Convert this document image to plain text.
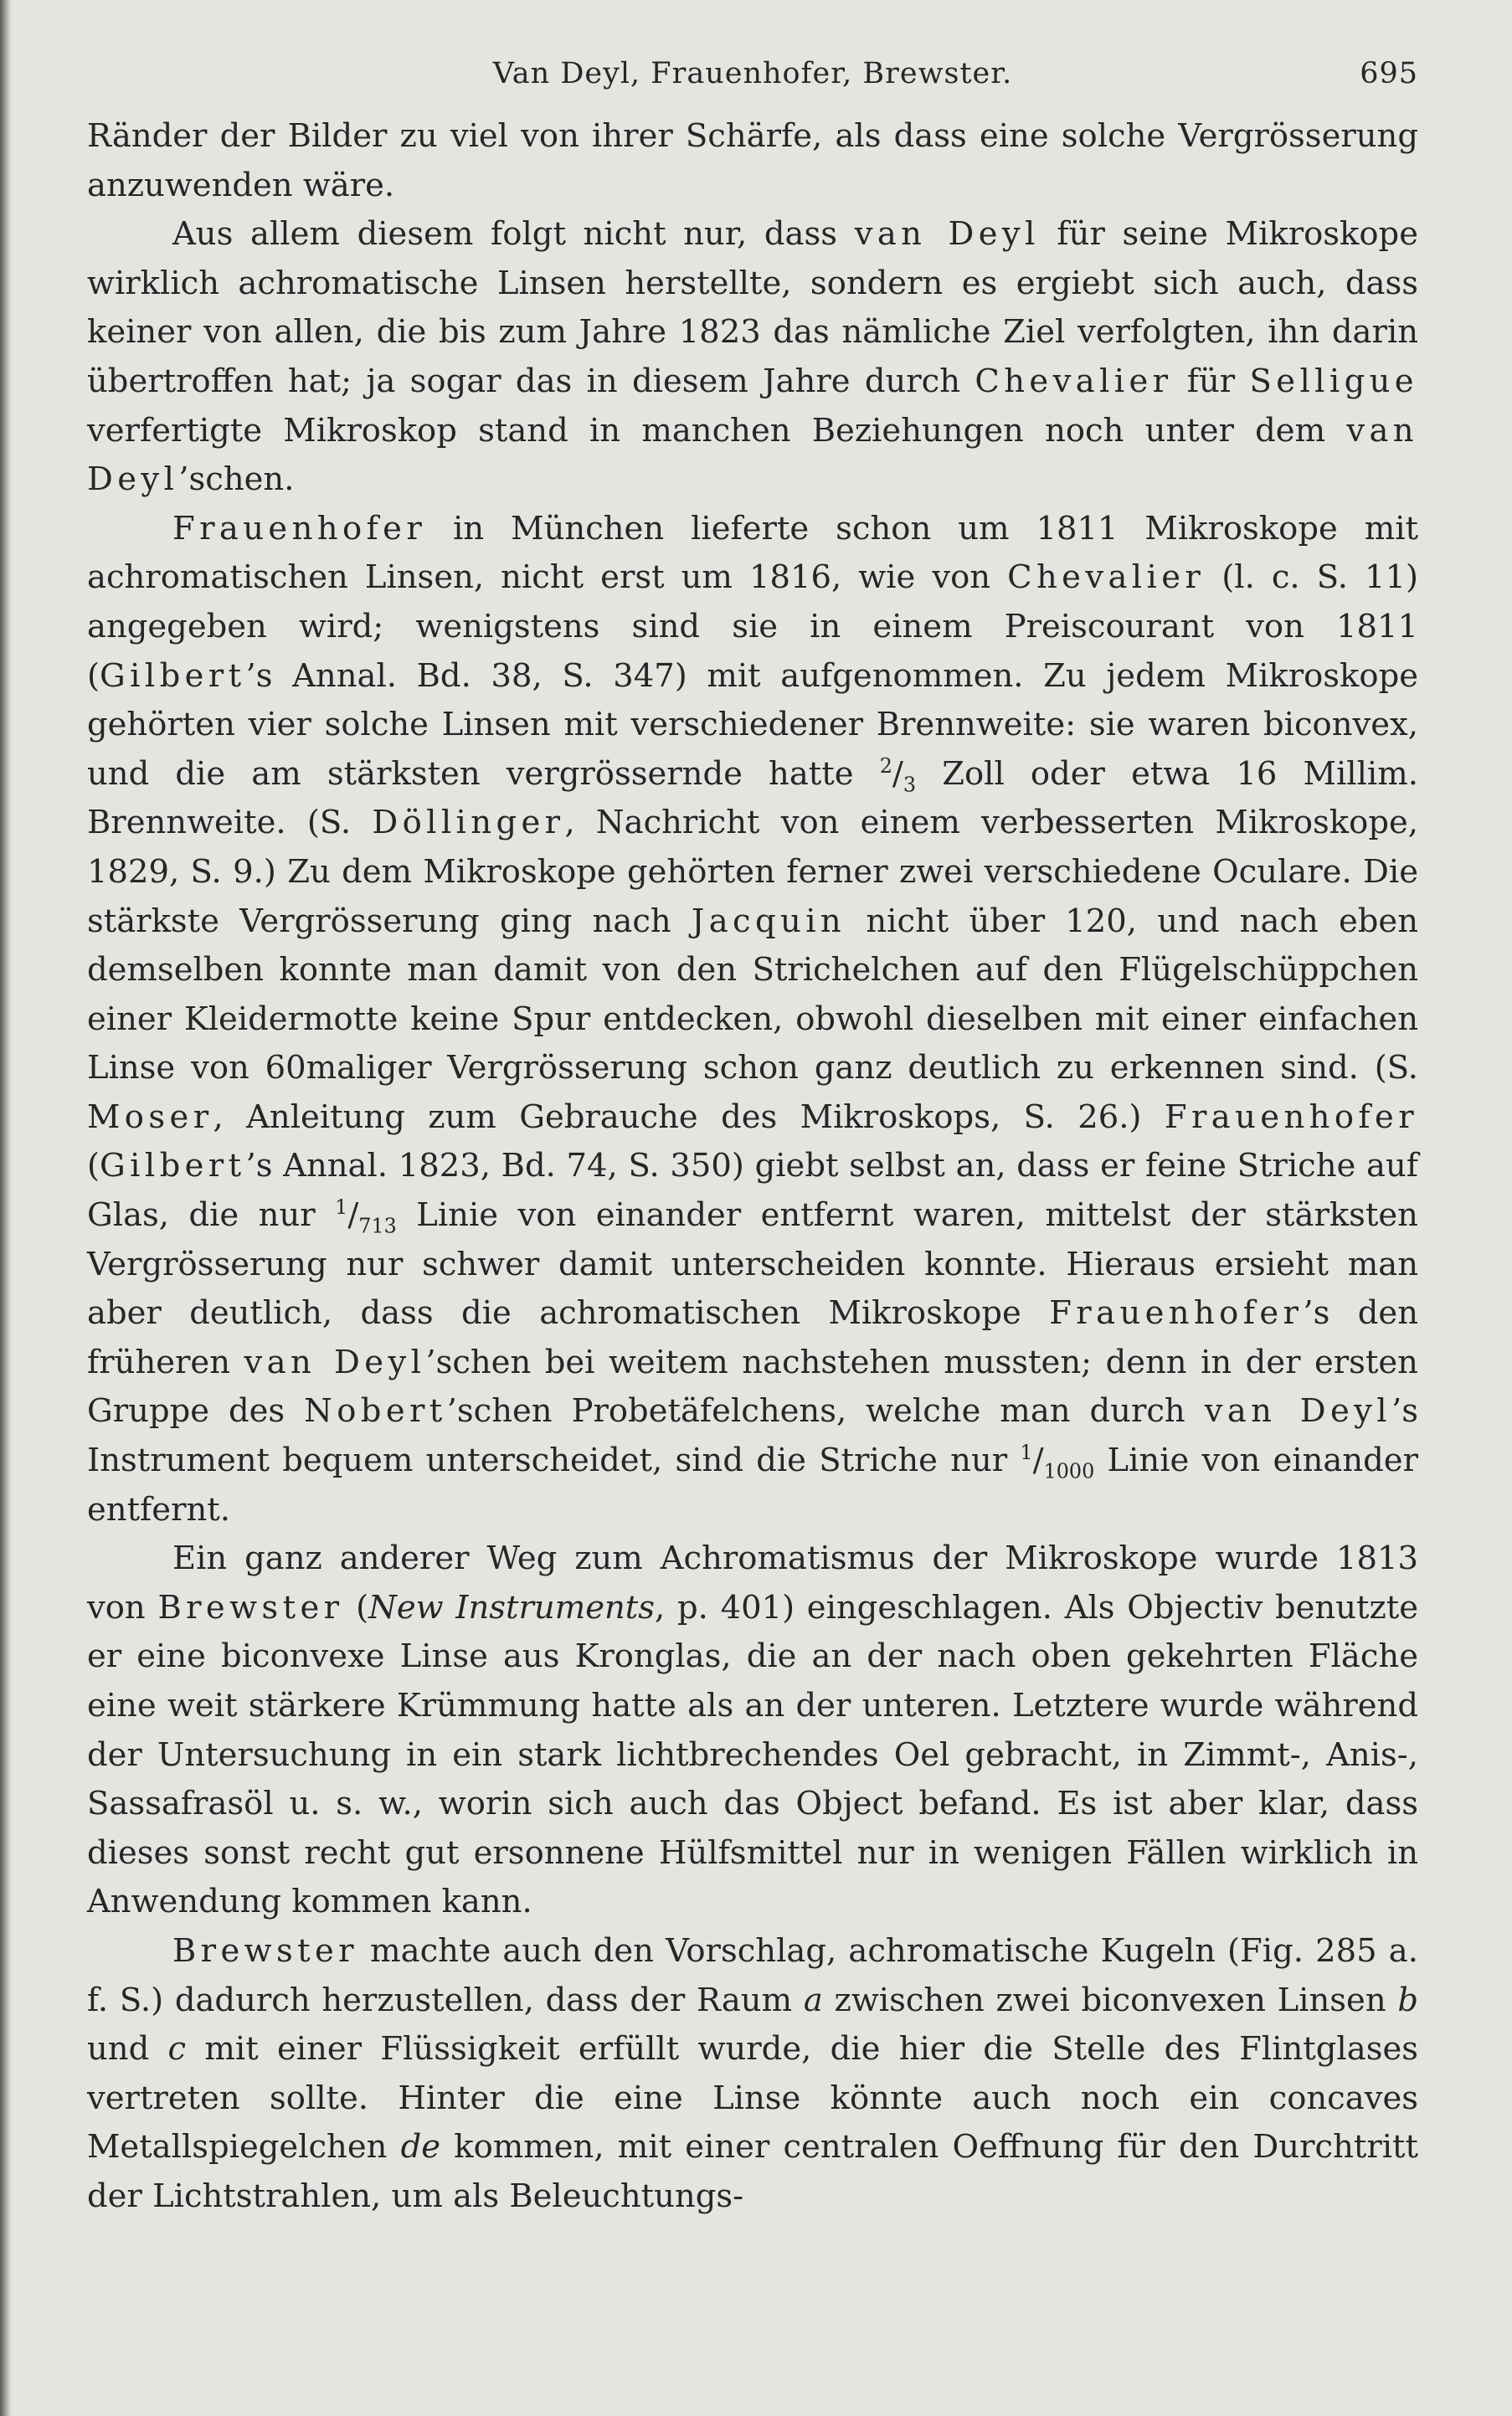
Van Deyl, Frauenhofer, Brewster.	695

Ränder der Bilder zu viel von ihrer Schärfe, als dass eine solche Vergrösserung anzuwenden wäre.

Aus allem diesem folgt nicht nur, dass van Deyl für seine Mikroskope wirklich achromatische Linsen herstellte, sondern es ergiebt sich auch, dass keiner von allen, die bis zum Jahre 1823 das nämliche Ziel verfolgten, ihn darin übertroffen hat; ja sogar das in diesem Jahre durch Chevalier für Selligue verfertigte Mikroskop stand in manchen Beziehungen noch unter dem van Deyl’schen.

Frauenhofer in München lieferte schon um 1811 Mikroskope mit achromatischen Linsen, nicht erst um 1816, wie von Chevalier (l. c. S. 11) angegeben wird; wenigstens sind sie in einem Preiscourant von 1811 (Gilbert’s Annal. Bd. 38, S. 347) mit aufgenommen. Zu jedem Mikroskope gehörten vier solche Linsen mit verschiedener Brennweite: sie waren biconvex, und die am stärksten vergrössernde hatte $^2/_3$ Zoll oder etwa 16 Millim. Brennweite. (S. Döllinger, Nachricht von einem verbesserten Mikroskope, 1829, S. 9.) Zu dem Mikroskope gehörten ferner zwei verschiedene Oculare. Die stärkste Vergrösserung ging nach Jacquin nicht über 120, und nach eben demselben konnte man damit von den Strichelchen auf den Flügelschüppchen einer Kleidermotte keine Spur entdecken, obwohl dieselben mit einer einfachen Linse von 60maliger Vergrösserung schon ganz deutlich zu erkennen sind. (S. Moser, Anleitung zum Gebrauche des Mikroskops, S. 26.) Frauenhofer (Gilbert’s Annal. 1823, Bd. 74, S. 350) giebt selbst an, dass er feine Striche auf Glas, die nur $^1/_{713}$ Linie von einander entfernt waren, mittelst der stärksten Vergrösserung nur schwer damit unterscheiden konnte. Hieraus ersieht man aber deutlich, dass die achromatischen Mikroskope Frauenhofer’s den früheren van Deyl’schen bei weitem nachstehen mussten; denn in der ersten Gruppe des Nobert’schen Probetäfelchens, welche man durch van Deyl’s Instrument bequem unterscheidet, sind die Striche nur $^1/_{1000}$ Linie von einander entfernt.

Ein ganz anderer Weg zum Achromatismus der Mikroskope wurde 1813 von Brewster (New Instruments, p. 401) eingeschlagen. Als Objectiv benutzte er eine biconvexe Linse aus Kronglas, die an der nach oben gekehrten Fläche eine weit stärkere Krümmung hatte als an der unteren. Letztere wurde während der Untersuchung in ein stark lichtbrechendes Oel gebracht, in Zimmt-, Anis-, Sassafrasöl u. s. w., worin sich auch das Object befand. Es ist aber klar, dass dieses sonst recht gut ersonnene Hülfsmittel nur in wenigen Fällen wirklich in Anwendung kommen kann.

Brewster machte auch den Vorschlag, achromatische Kugeln (Fig. 285 a. f. S.) dadurch herzustellen, dass der Raum a zwischen zwei biconvexen Linsen b und c mit einer Flüssigkeit erfüllt wurde, die hier die Stelle des Flintglases vertreten sollte. Hinter die eine Linse könnte auch noch ein concaves Metallspiegelchen de kommen, mit einer centralen Oeffnung für den Durchtritt der Lichtstrahlen, um als Beleuchtungs-
